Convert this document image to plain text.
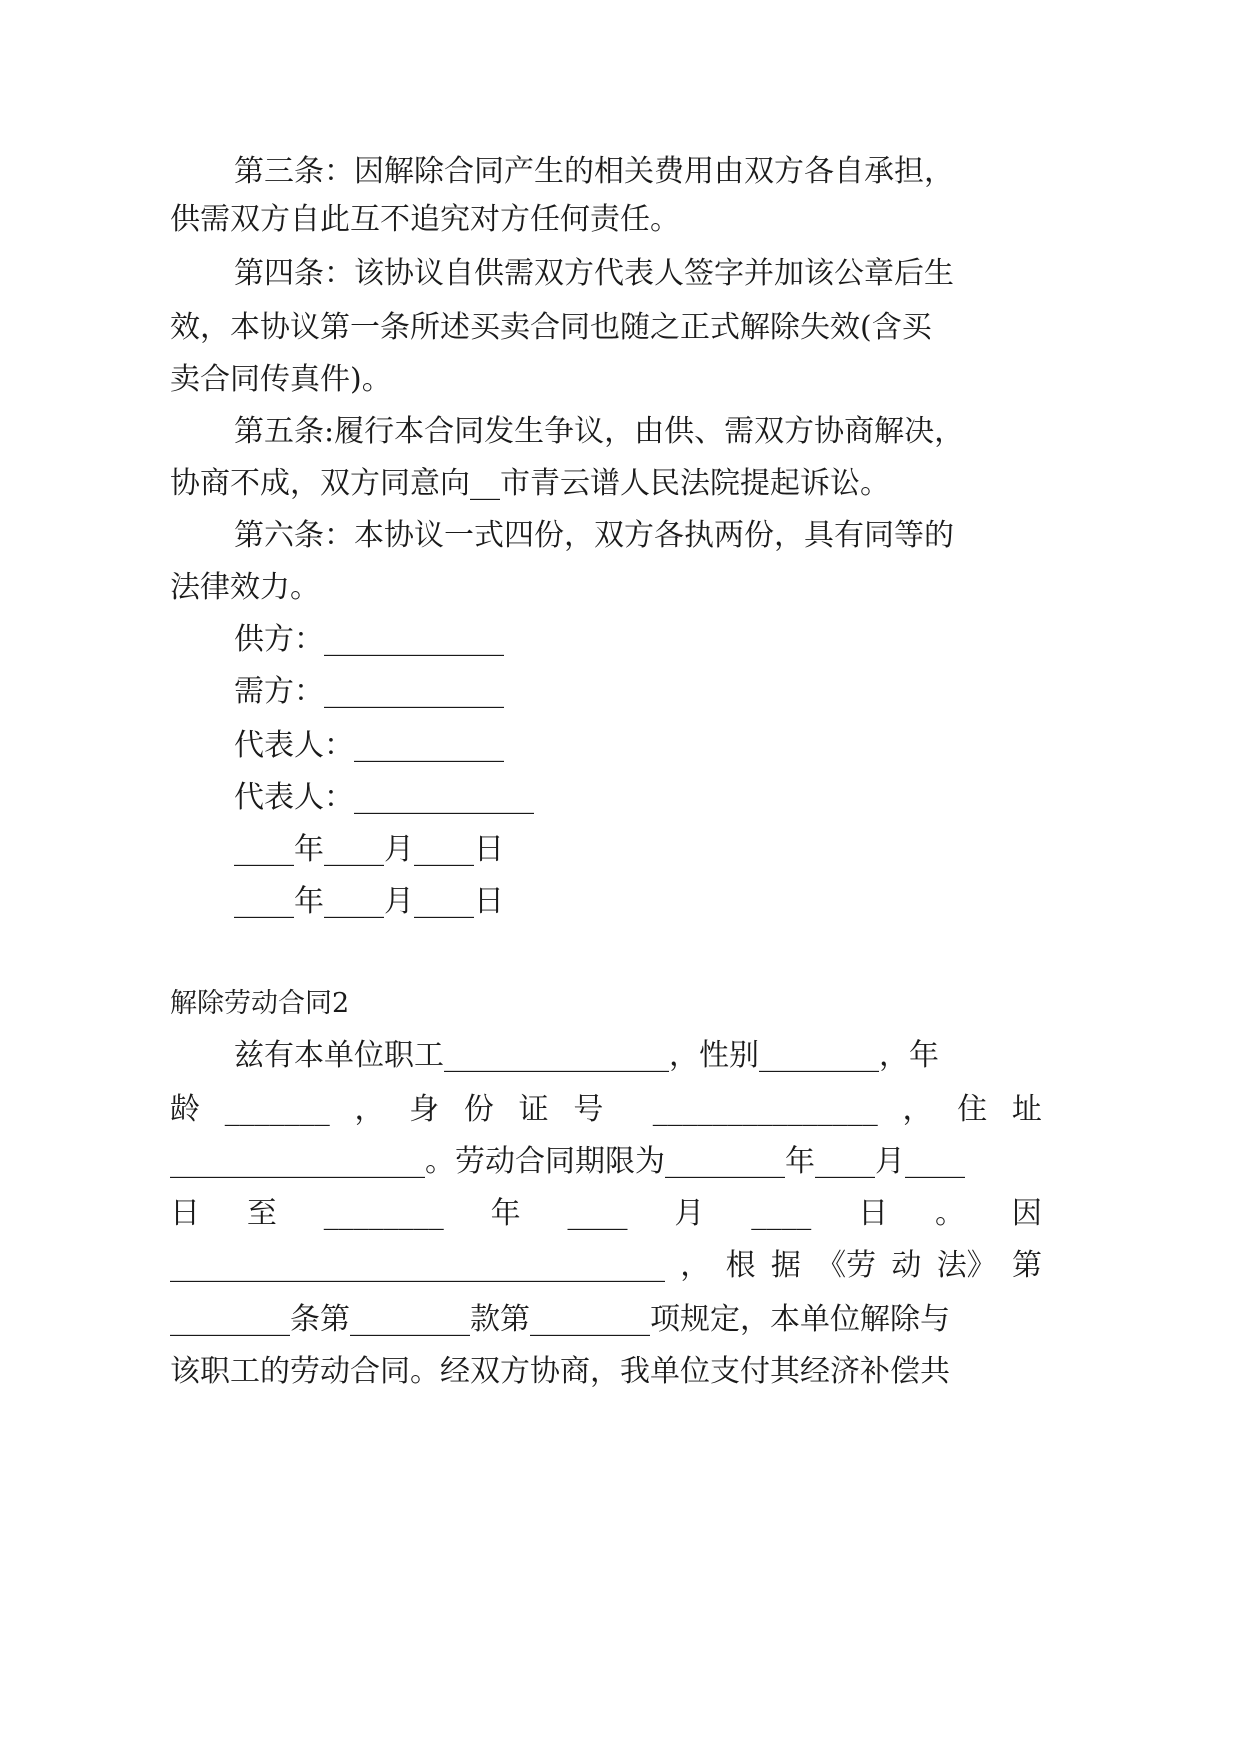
第三条：因解除合同产生的相关费用由双方各自承担，
供需双方自此互不追究对方任何责任。
第四条：该协议自供需双方代表人签字并加该公章后生
效，本协议第一条所述买卖合同也随之正式解除失效(含买
卖合同传真件)。
第五条:履行本合同发生争议，由供、需双方协商解决，
协商不成，双方同意向__市青云谱人民法院提起诉讼。
第六条：本协议一式四份，双方各执两份，具有同等的
法律效力。
供方：____________
需方：____________
代表人：__________
代表人：____________
____年____月____日
____年____月____日
解除劳动合同2
兹有本单位职工_______________，性别________，年
龄 _______ ， 身 份 证 号 _______________ ， 住 址
_________________。劳动合同期限为________年____月____
日 至 ________ 年 ____ 月 ____ 日 。 因
_________________________________ ， 根 据 《劳 动 法》 第
________条第________款第________项规定，本单位解除与
该职工的劳动合同。经双方协商，我单位支付其经济补偿共
